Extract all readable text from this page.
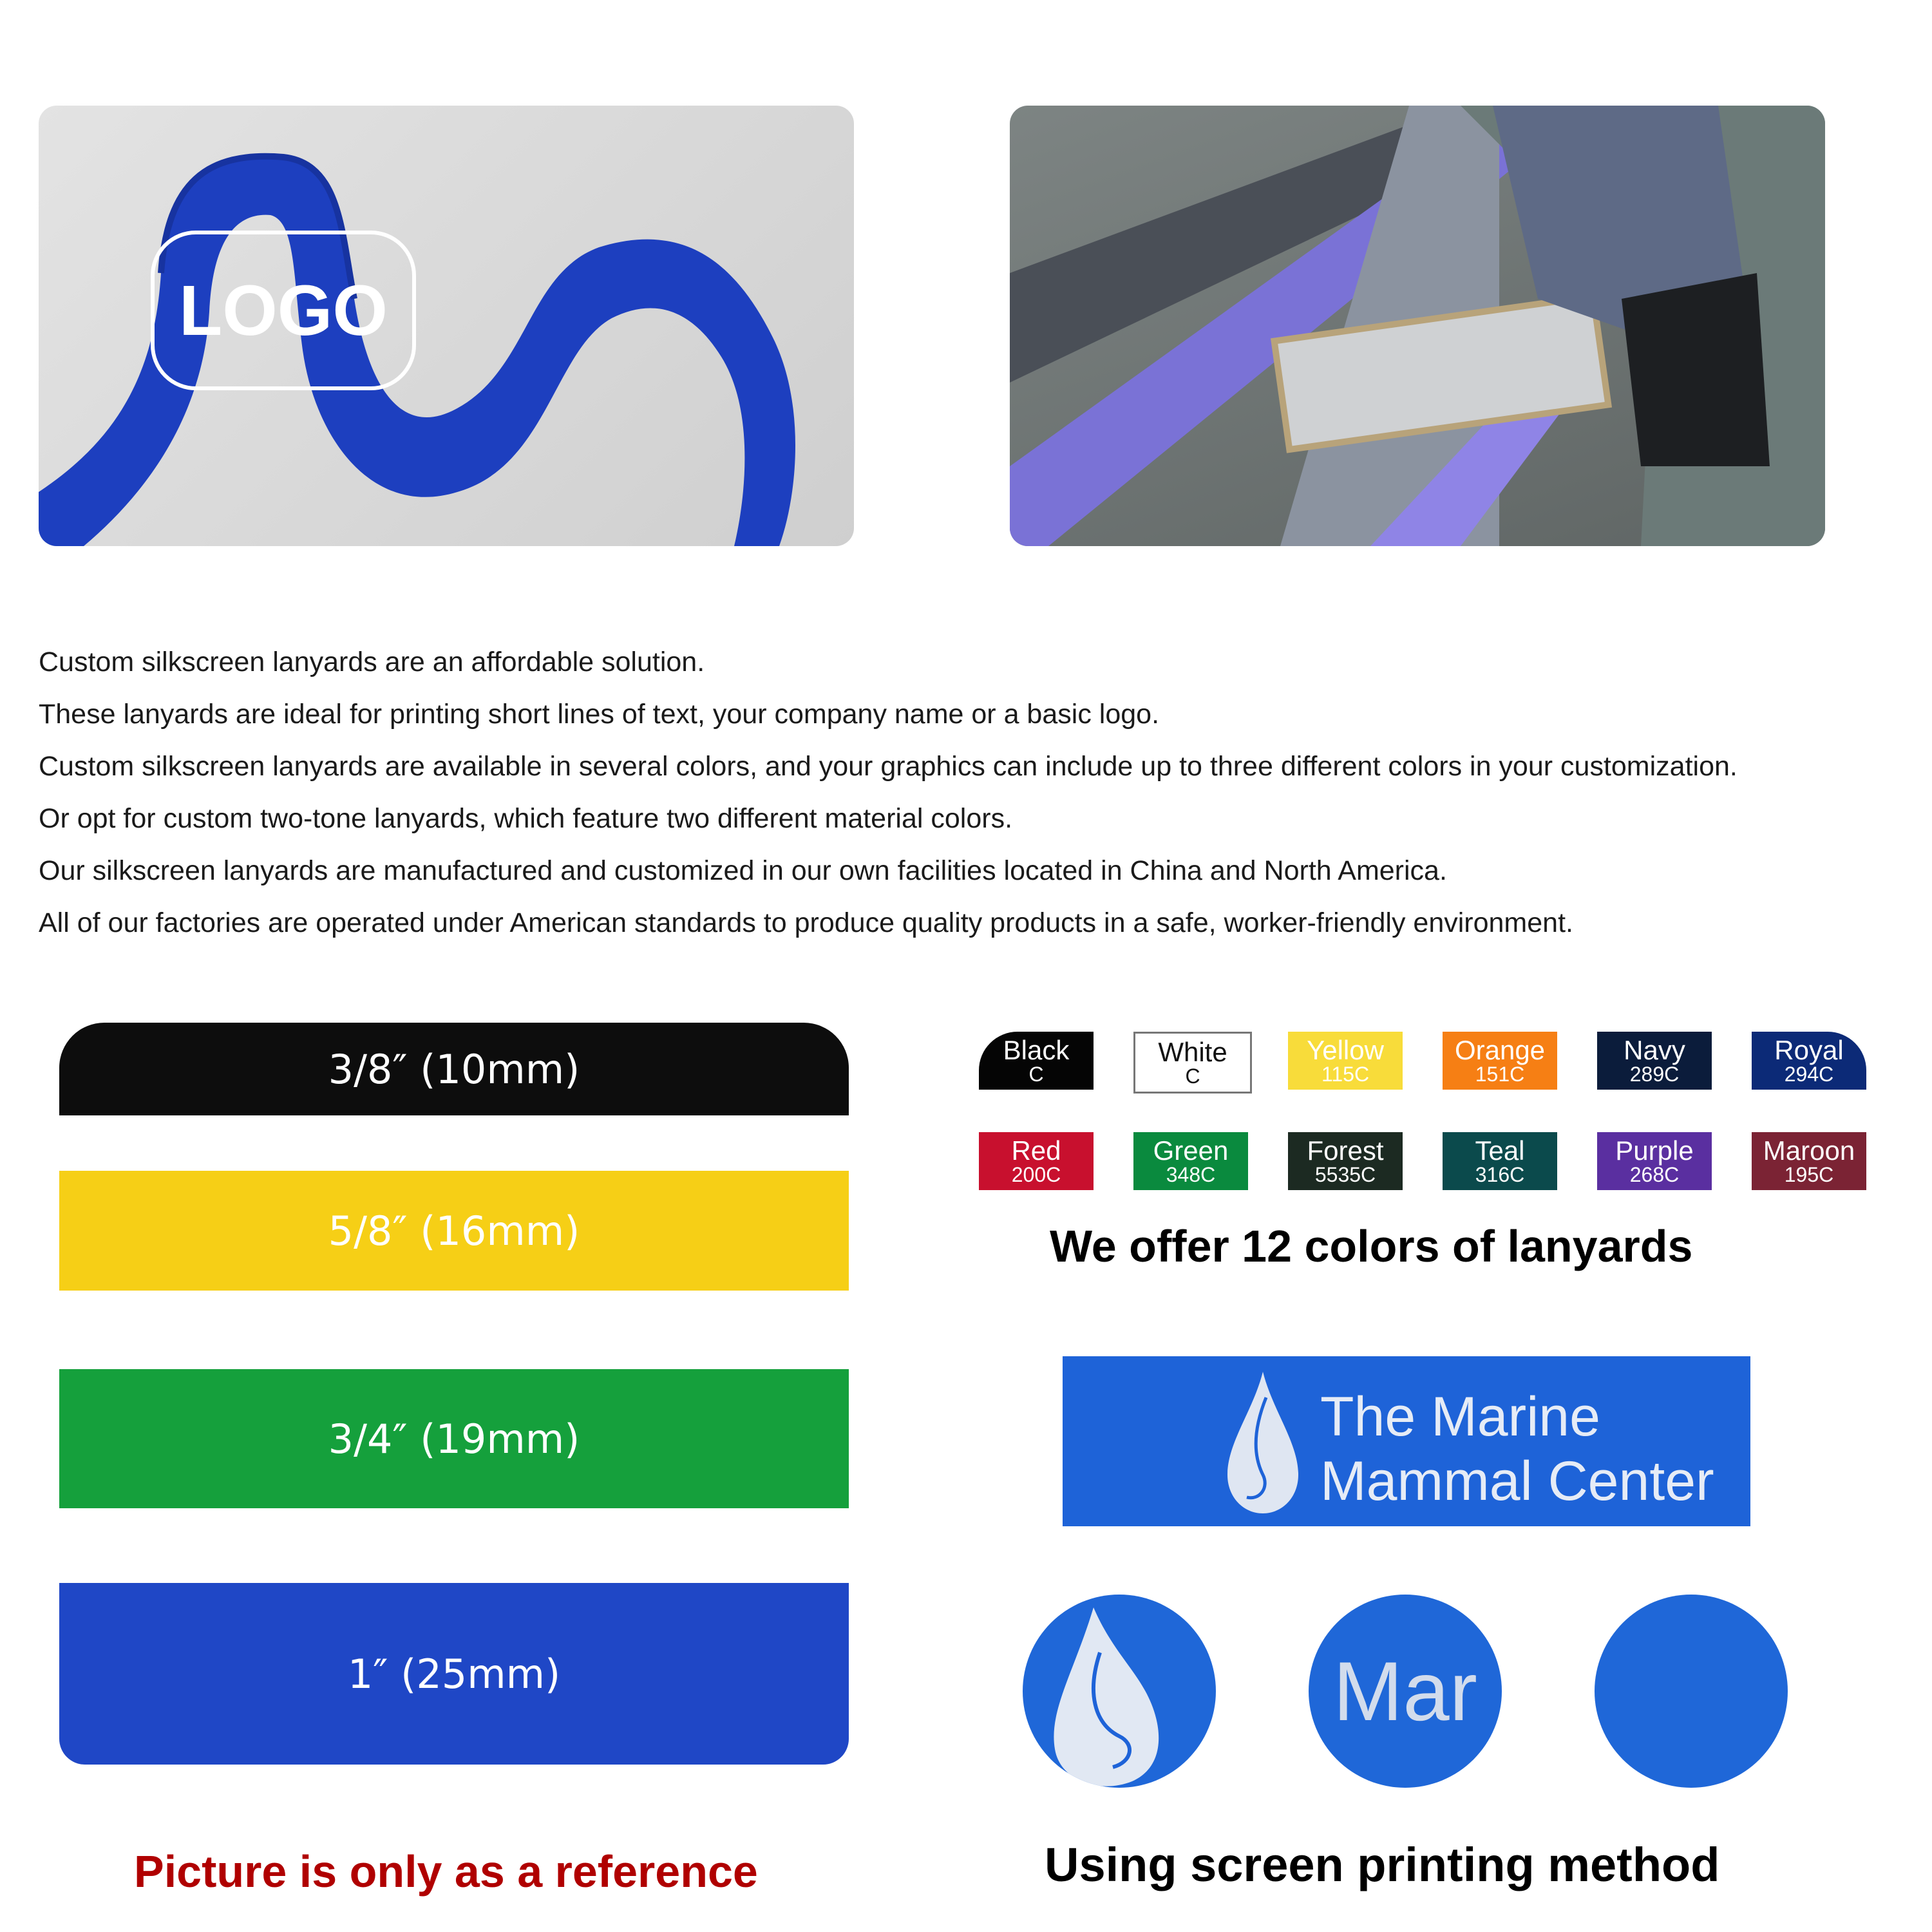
LOGO
Custom silkscreen lanyards are an affordable solution.
These lanyards are ideal for printing short lines of text, your company name or a basic logo.
Custom silkscreen lanyards are available in several colors, and your graphics can include up to three different colors in your customization.
Or opt for custom two-tone lanyards, which feature two different material colors.
Our silkscreen lanyards are manufactured and customized in our own facilities located in China and North America.
All of our factories are operated under American standards to produce quality products in a safe, worker-friendly environment.
3/8″ (10mm)
5/8″ (16mm)
3/4″ (19mm)
1″ (25mm)
Black
C
White
C
Yellow
115C
Orange
151C
Navy
289C
Royal
294C
Red
200C
Green
348C
Forest
5535C
Teal
316C
Purple
268C
Maroon
195C
We offer 12 colors of lanyards
The Marine
Mammal Center
Mar
Picture is only as a reference	Using screen printing method
